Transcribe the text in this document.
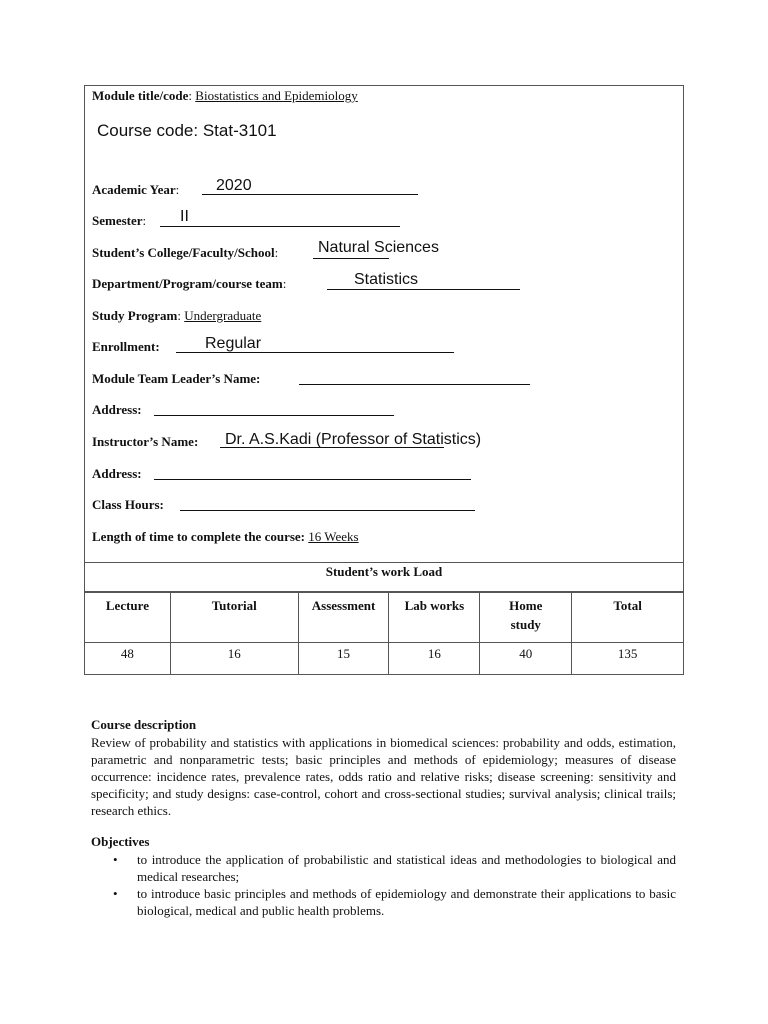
Module title/code: Biostatistics and Epidemiology
Course code: Stat-3101
Academic Year: 2020
Semester: II
Student’s College/Faculty/School: Natural Sciences
Department/Program/course team:	Statistics
Study Program: Undergraduate
Enrollment:	Regular
Module Team Leader’s Name:
Address:
Instructor’s Name: Dr. A.S.Kadi (Professor of Statistics)
Address:
Class Hours:
Length of time to complete the course: 16 Weeks
Student’s work Load
Lecture	Tutorial	Assessment	Lab works	Home study	Total
48	16	15	16	40	135
Course description
Review of probability and statistics with applications in biomedical sciences: probability and odds, estimation, parametric and nonparametric tests; basic principles and methods of epidemiology; measures of disease occurrence: incidence rates, prevalence rates, odds ratio and relative risks; disease screening: sensitivity and specificity; and study designs: case-control, cohort and cross-sectional studies; survival analysis; clinical trails; research ethics.
Objectives
• to introduce the application of probabilistic and statistical ideas and methodologies to biological and medical researches;
• to introduce basic principles and methods of epidemiology and demonstrate their applications to basic biological, medical and public health problems.
